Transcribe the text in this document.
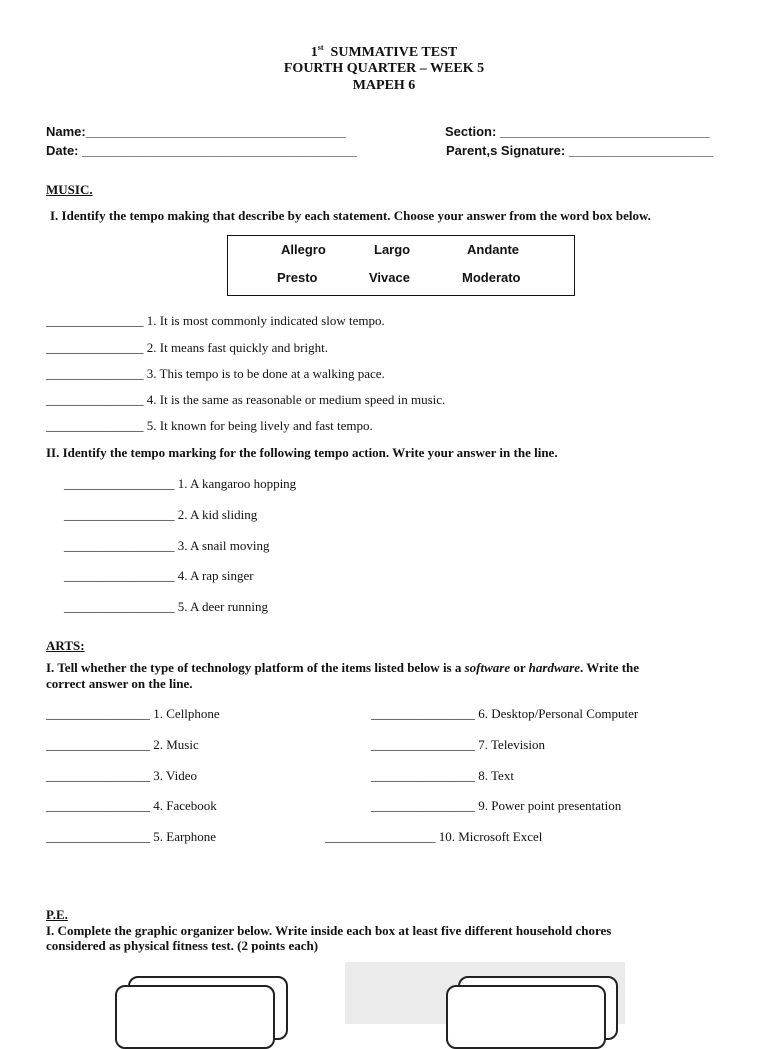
1st SUMMATIVE TEST
FOURTH QUARTER – WEEK 5
MAPEH 6
Name:____________________________________
Date: ______________________________________
Section: _____________________________
Parent,s Signature: ____________________
MUSIC.
I. Identify the tempo making that describe by each statement. Choose your answer from the word box below.
Allegro	Largo	Andante
Presto	Vivace	Moderato
_______________ 1. It is most commonly indicated slow tempo.
_______________ 2. It means fast quickly and bright.
_______________ 3. This tempo is to be done at a walking pace.
_______________ 4. It is the same as reasonable or medium speed in music.
_______________ 5. It known for being lively and fast tempo.
II. Identify the tempo marking for the following tempo action. Write your answer in the line.
_________________ 1. A kangaroo hopping
_________________ 2. A kid sliding
_________________ 3. A snail moving
_________________ 4. A rap singer
_________________ 5. A deer running
ARTS:
I. Tell whether the type of technology platform of the items listed below is a software or hardware. Write the
correct answer on the line.
________________ 1. Cellphone
________________ 2. Music
________________ 3. Video
________________ 4. Facebook
________________ 5. Earphone
________________ 6. Desktop/Personal Computer
________________ 7. Television
________________ 8. Text
________________ 9. Power point presentation
_________________ 10. Microsoft Excel
P.E.
I. Complete the graphic organizer below. Write inside each box at least five different household chores
considered as physical fitness test. (2 points each)
